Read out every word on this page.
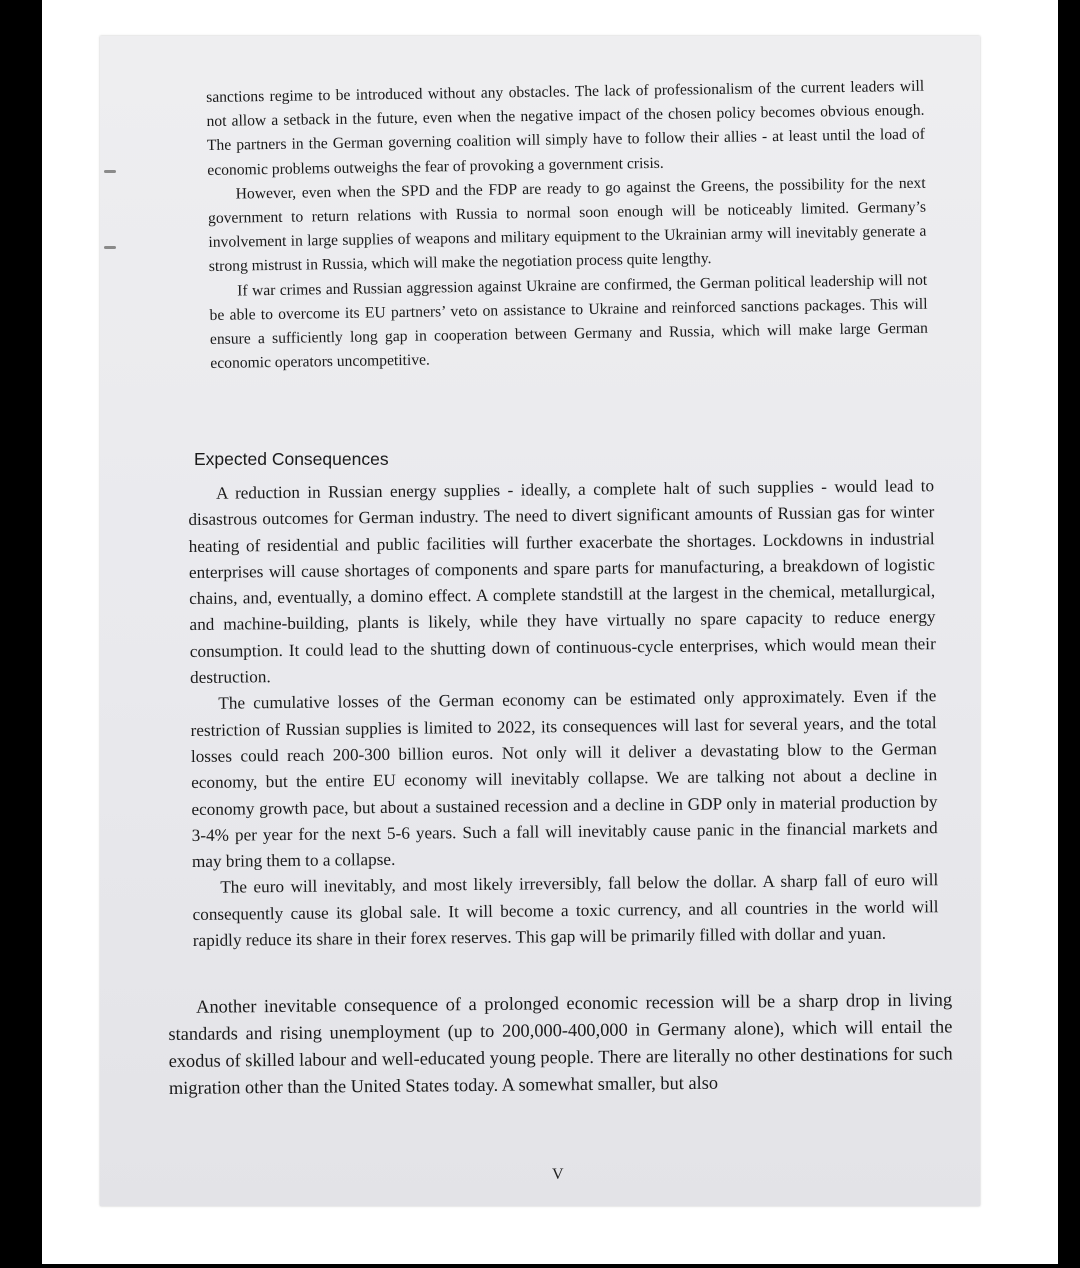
sanctions regime to be introduced without any obstacles. The lack of professionalism of the current leaders will not allow a setback in the future, even when the negative impact of the chosen policy becomes obvious enough. The partners in the German governing coalition will simply have to follow their allies - at least until the load of economic problems outweighs the fear of provoking a government crisis.

However, even when the SPD and the FDP are ready to go against the Greens, the possibility for the next government to return relations with Russia to normal soon enough will be noticeably limited. Germany’s involvement in large supplies of weapons and military equipment to the Ukrainian army will inevitably generate a strong mistrust in Russia, which will make the negotiation process quite lengthy.

If war crimes and Russian aggression against Ukraine are confirmed, the German political leadership will not be able to overcome its EU partners’ veto on assistance to Ukraine and reinforced sanctions packages. This will ensure a sufficiently long gap in cooperation between Germany and Russia, which will make large German economic operators uncompetitive.

Expected Consequences

A reduction in Russian energy supplies - ideally, a complete halt of such supplies - would lead to disastrous outcomes for German industry. The need to divert significant amounts of Russian gas for winter heating of residential and public facilities will further exacerbate the shortages. Lockdowns in industrial enterprises will cause shortages of components and spare parts for manufacturing, a breakdown of logistic chains, and, eventually, a domino effect. A complete standstill at the largest in the chemical, metallurgical, and machine-building, plants is likely, while they have virtually no spare capacity to reduce energy consumption. It could lead to the shutting down of continuous-cycle enterprises, which would mean their destruction.

The cumulative losses of the German economy can be estimated only approximately. Even if the restriction of Russian supplies is limited to 2022, its consequences will last for several years, and the total losses could reach 200-300 billion euros. Not only will it deliver a devastating blow to the German economy, but the entire EU economy will inevitably collapse. We are talking not about a decline in economy growth pace, but about a sustained recession and a decline in GDP only in material production by 3-4% per year for the next 5-6 years. Such a fall will inevitably cause panic in the financial markets and may bring them to a collapse.

The euro will inevitably, and most likely irreversibly, fall below the dollar. A sharp fall of euro will consequently cause its global sale. It will become a toxic currency, and all countries in the world will rapidly reduce its share in their forex reserves. This gap will be primarily filled with dollar and yuan.

Another inevitable consequence of a prolonged economic recession will be a sharp drop in living standards and rising unemployment (up to 200,000-400,000 in Germany alone), which will entail the exodus of skilled labour and well-educated young people. There are literally no other destinations for such migration other than the United States today. A somewhat smaller, but also

V
